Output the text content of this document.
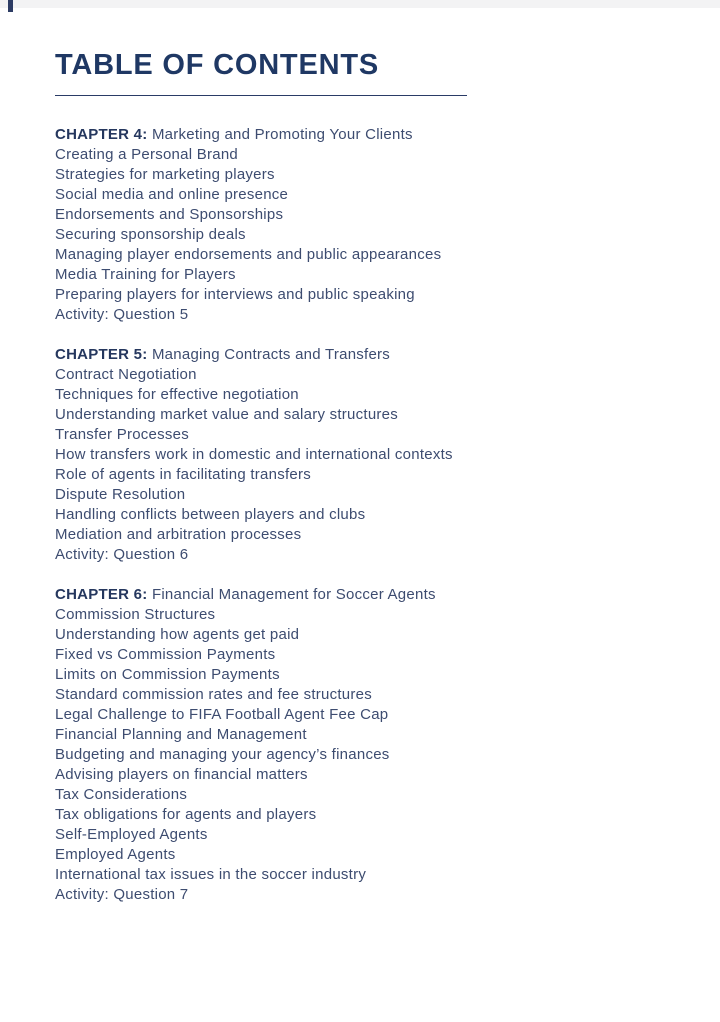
TABLE OF CONTENTS
CHAPTER 4: Marketing and Promoting Your Clients
Creating a Personal Brand
Strategies for marketing players
Social media and online presence
Endorsements and Sponsorships
Securing sponsorship deals
Managing player endorsements and public appearances
Media Training for Players
Preparing players for interviews and public speaking
Activity: Question 5
CHAPTER 5: Managing Contracts and Transfers
Contract Negotiation
Techniques for effective negotiation
Understanding market value and salary structures
Transfer Processes
How transfers work in domestic and international contexts
Role of agents in facilitating transfers
Dispute Resolution
Handling conflicts between players and clubs
Mediation and arbitration processes
Activity: Question 6
CHAPTER 6: Financial Management for Soccer Agents
Commission Structures
Understanding how agents get paid
Fixed vs Commission Payments
Limits on Commission Payments
Standard commission rates and fee structures
Legal Challenge to FIFA Football Agent Fee Cap
Financial Planning and Management
Budgeting and managing your agency’s finances
Advising players on financial matters
Tax Considerations
Tax obligations for agents and players
Self-Employed Agents
Employed Agents
International tax issues in the soccer industry
Activity: Question 7
